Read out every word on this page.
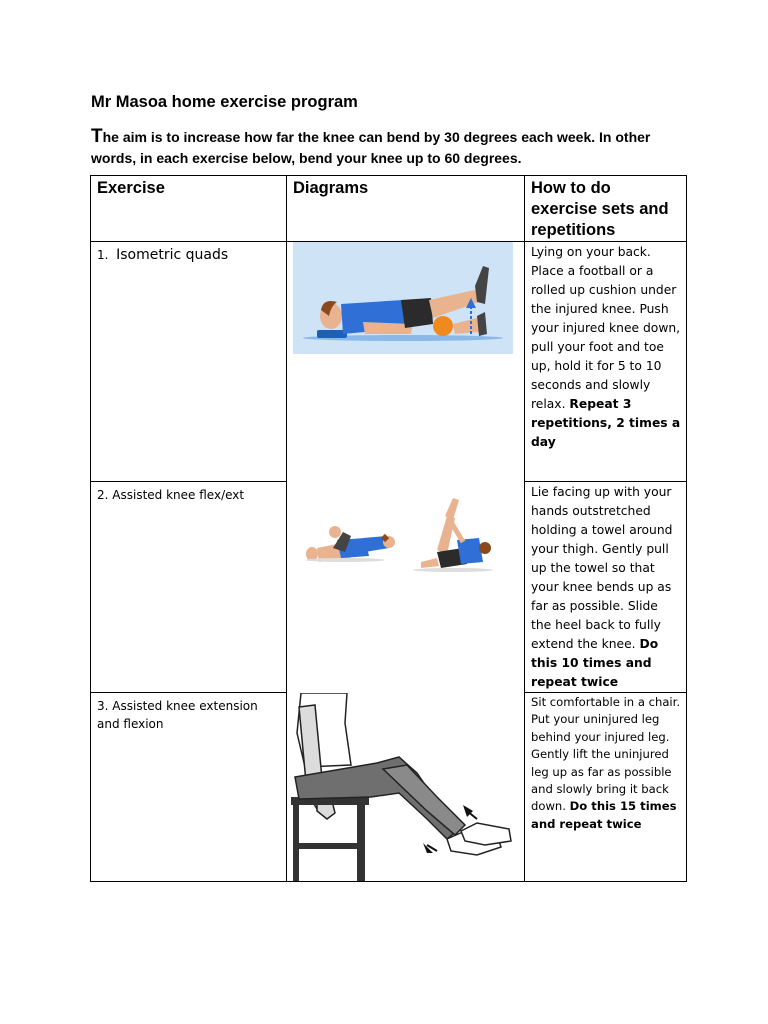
Mr Masoa home exercise program
The aim is to increase how far the knee can bend by 30 degrees each week. In other words, in each exercise below, bend your knee up to 60 degrees.
Exercise	Diagrams	How to do exercise sets and repetitions
1. Isometric quads		Lying on your back. Place a football or a rolled up cushion under the injured knee. Push your injured knee down, pull your foot and toe up, hold it for 5 to 10 seconds and slowly relax. Repeat 3 repetitions, 2 times a day
2. Assisted knee flex/ext		Lie facing up with your hands outstretched holding a towel around your thigh. Gently pull up the towel so that your knee bends up as far as possible. Slide the heel back to fully extend the knee. Do this 10 times and repeat twice
3. Assisted knee extension and flexion		Sit comfortable in a chair. Put your uninjured leg behind your injured leg. Gently lift the uninjured leg up as far as possible and slowly bring it back down. Do this 15 times and repeat twice
